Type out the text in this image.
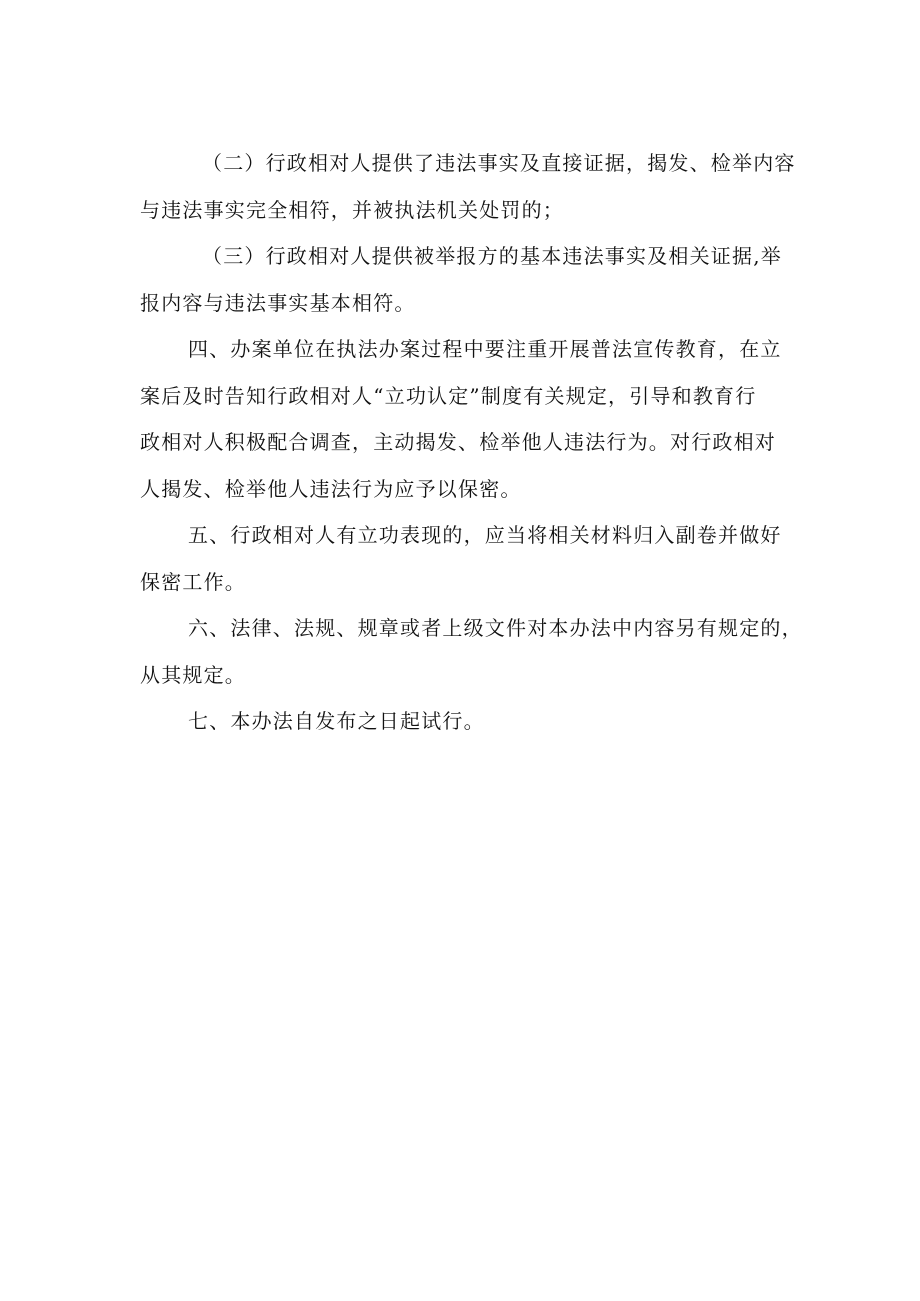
（二）行政相对人提供了违法事实及直接证据，揭发、检举内容
与违法事实完全相符，并被执法机关处罚的；

（三）行政相对人提供被举报方的基本违法事实及相关证据,举
报内容与违法事实基本相符。

四、办案单位在执法办案过程中要注重开展普法宣传教育，在立
案后及时告知行政相对人“立功认定”制度有关规定，引导和教育行
政相对人积极配合调查，主动揭发、检举他人违法行为。对行政相对
人揭发、检举他人违法行为应予以保密。

五、行政相对人有立功表现的，应当将相关材料归入副卷并做好
保密工作。

六、法律、法规、规章或者上级文件对本办法中内容另有规定的，
从其规定。

七、本办法自发布之日起试行。
